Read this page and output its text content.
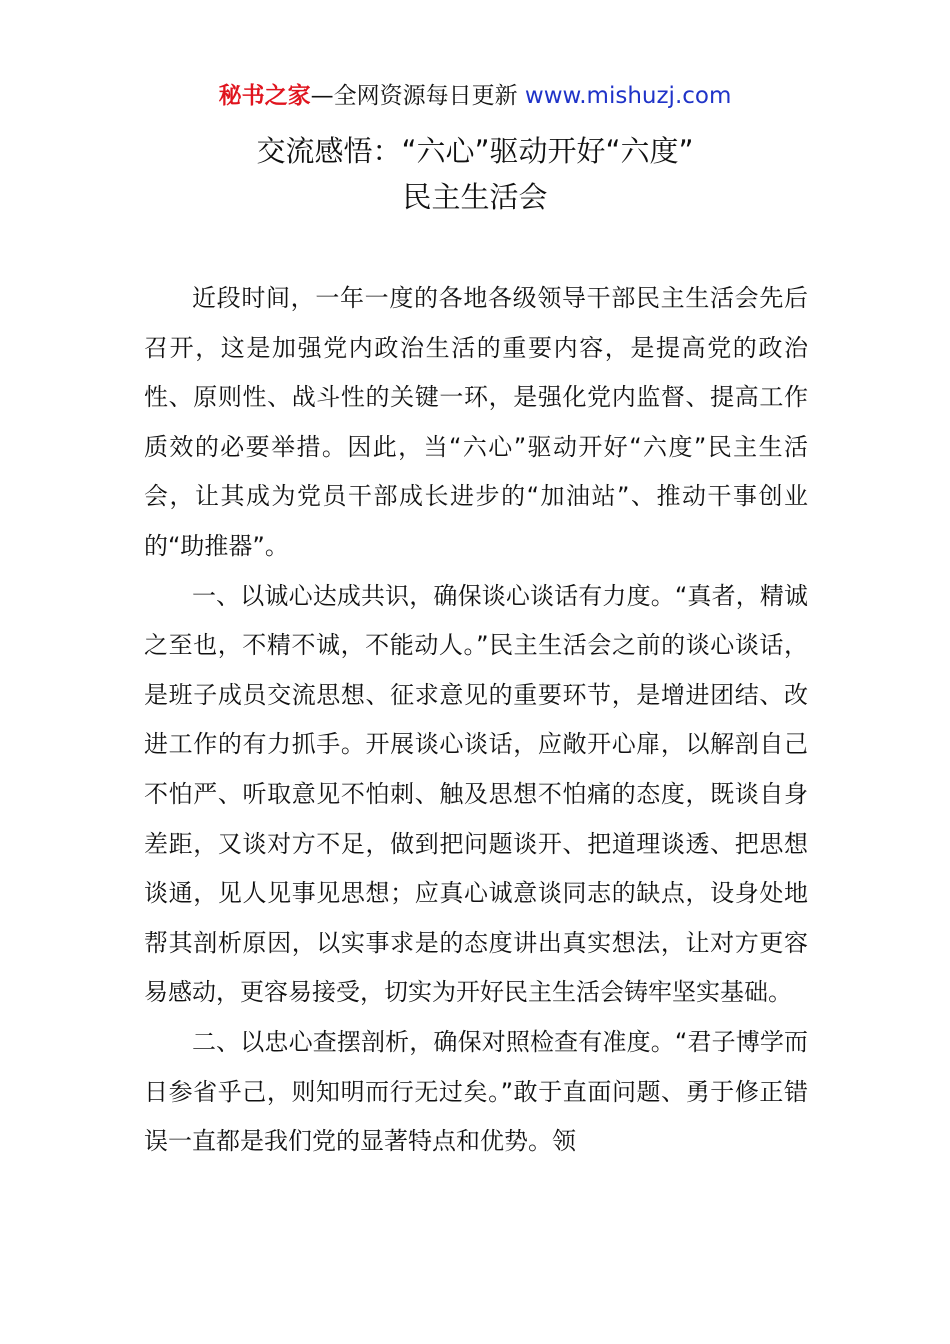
秘书之家—全网资源每日更新 www.mishuzj.com
交流感悟：“六心”驱动开好“六度”
民主生活会

近段时间，一年一度的各地各级领导干部民主生活会先后召开，这是加强党内政治生活的重要内容，是提高党的政治性、原则性、战斗性的关键一环，是强化党内监督、提高工作质效的必要举措。因此，当“六心”驱动开好“六度”民主生活会，让其成为党员干部成长进步的“加油站”、推动干事创业的“助推器”。

一、以诚心达成共识，确保谈心谈话有力度。“真者，精诚之至也，不精不诚，不能动人。”民主生活会之前的谈心谈话，是班子成员交流思想、征求意见的重要环节，是增进团结、改进工作的有力抓手。开展谈心谈话，应敞开心扉，以解剖自己不怕严、听取意见不怕刺、触及思想不怕痛的态度，既谈自身差距，又谈对方不足，做到把问题谈开、把道理谈透、把思想谈通，见人见事见思想；应真心诚意谈同志的缺点，设身处地帮其剖析原因，以实事求是的态度讲出真实想法，让对方更容易感动，更容易接受，切实为开好民主生活会铸牢坚实基础。

二、以忠心查摆剖析，确保对照检查有准度。“君子博学而日参省乎己，则知明而行无过矣。”敢于直面问题、勇于修正错误一直都是我们党的显著特点和优势。领
